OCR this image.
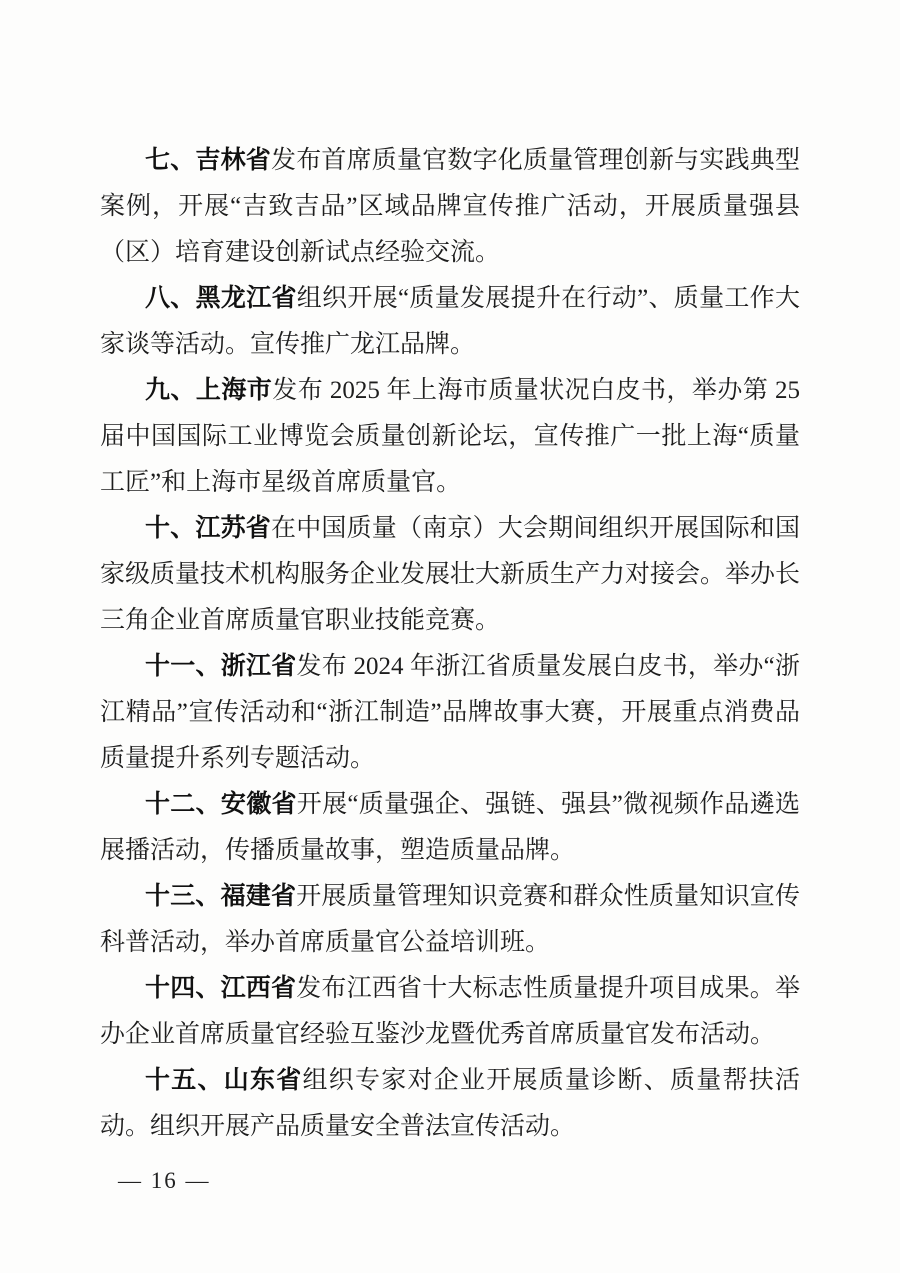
七、吉林省发布首席质量官数字化质量管理创新与实践典型案例，开展“吉致吉品”区域品牌宣传推广活动，开展质量强县（区）培育建设创新试点经验交流。

八、黑龙江省组织开展“质量发展提升在行动”、质量工作大家谈等活动。宣传推广龙江品牌。

九、上海市发布 2025 年上海市质量状况白皮书，举办第 25 届中国国际工业博览会质量创新论坛，宣传推广一批上海“质量工匠”和上海市星级首席质量官。

十、江苏省在中国质量（南京）大会期间组织开展国际和国家级质量技术机构服务企业发展壮大新质生产力对接会。举办长三角企业首席质量官职业技能竞赛。

十一、浙江省发布 2024 年浙江省质量发展白皮书，举办“浙江精品”宣传活动和“浙江制造”品牌故事大赛，开展重点消费品质量提升系列专题活动。

十二、安徽省开展“质量强企、强链、强县”微视频作品遴选展播活动，传播质量故事，塑造质量品牌。

十三、福建省开展质量管理知识竞赛和群众性质量知识宣传科普活动，举办首席质量官公益培训班。

十四、江西省发布江西省十大标志性质量提升项目成果。举办企业首席质量官经验互鉴沙龙暨优秀首席质量官发布活动。

十五、山东省组织专家对企业开展质量诊断、质量帮扶活动。组织开展产品质量安全普法宣传活动。

— 16 —
